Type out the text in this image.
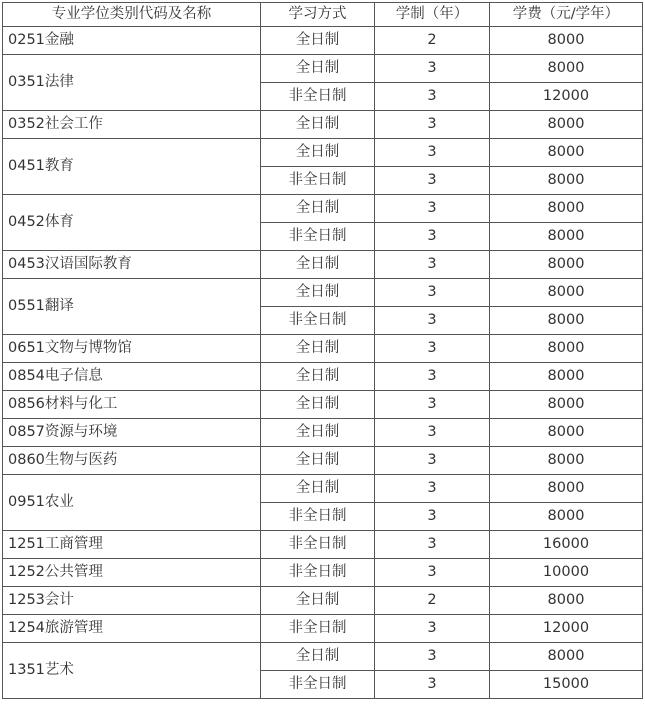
专业学位类别代码及名称	学习方式	学制（年）	学费（元/学年）
0251金融	全日制	2	8000
0351法律	全日制	3	8000
	非全日制	3	12000
0352社会工作	全日制	3	8000
0451教育	全日制	3	8000
	非全日制	3	8000
0452体育	全日制	3	8000
	非全日制	3	8000
0453汉语国际教育	全日制	3	8000
0551翻译	全日制	3	8000
	非全日制	3	8000
0651文物与博物馆	全日制	3	8000
0854电子信息	全日制	3	8000
0856材料与化工	全日制	3	8000
0857资源与环境	全日制	3	8000
0860生物与医药	全日制	3	8000
0951农业	全日制	3	8000
	非全日制	3	8000
1251工商管理	非全日制	3	16000
1252公共管理	非全日制	3	10000
1253会计	全日制	2	8000
1254旅游管理	非全日制	3	12000
1351艺术	全日制	3	8000
	非全日制	3	15000
